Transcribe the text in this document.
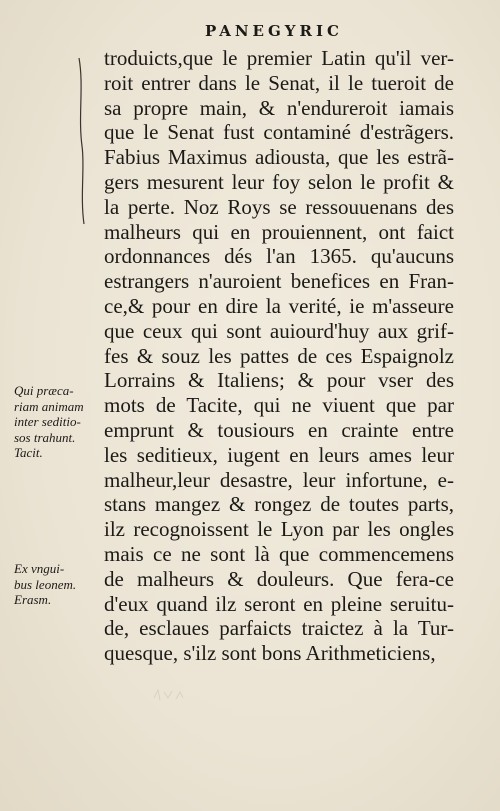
PANEGYRIC
troduicts,que le premier Latin qu'il ver-
roit entrer dans le Senat, il le tueroit de
sa propre main, & n'endureroit iamais
que le Senat fust contaminé d'estrãgers.
Fabius Maximus adiousta, que les estrã-
gers mesurent leur foy selon le profit &
la perte. Noz Roys se ressouuenans des
malheurs qui en prouiennent, ont faict
ordonnances dés l'an 1365. qu'aucuns
estrangers n'auroient benefices en Fran-
ce,& pour en dire la verité, ie m'asseure
que ceux qui sont auiourd'huy aux grif-
fes & souz les pattes de ces Espaignolz
Lorrains & Italiens; & pour vser des
mots de Tacite, qui ne viuent que par
emprunt & tousiours en crainte entre
les seditieux, iugent en leurs ames leur
malheur,leur desastre, leur infortune, e-
stans mangez & rongez de toutes parts,
ilz recognoissent le Lyon par les ongles
mais ce ne sont là que commencemens
de malheurs & douleurs. Que fera-ce
d'eux quand ilz seront en pleine seruitu-
de, esclaues parfaicts traictez à la Tur-
quesque, s'ilz sont bons Arithmeticiens,
Qui præca-
riam animam
inter seditio-
sos trahunt.
Tacit.
Ex vngui-
bus leonem.
Erasm.
